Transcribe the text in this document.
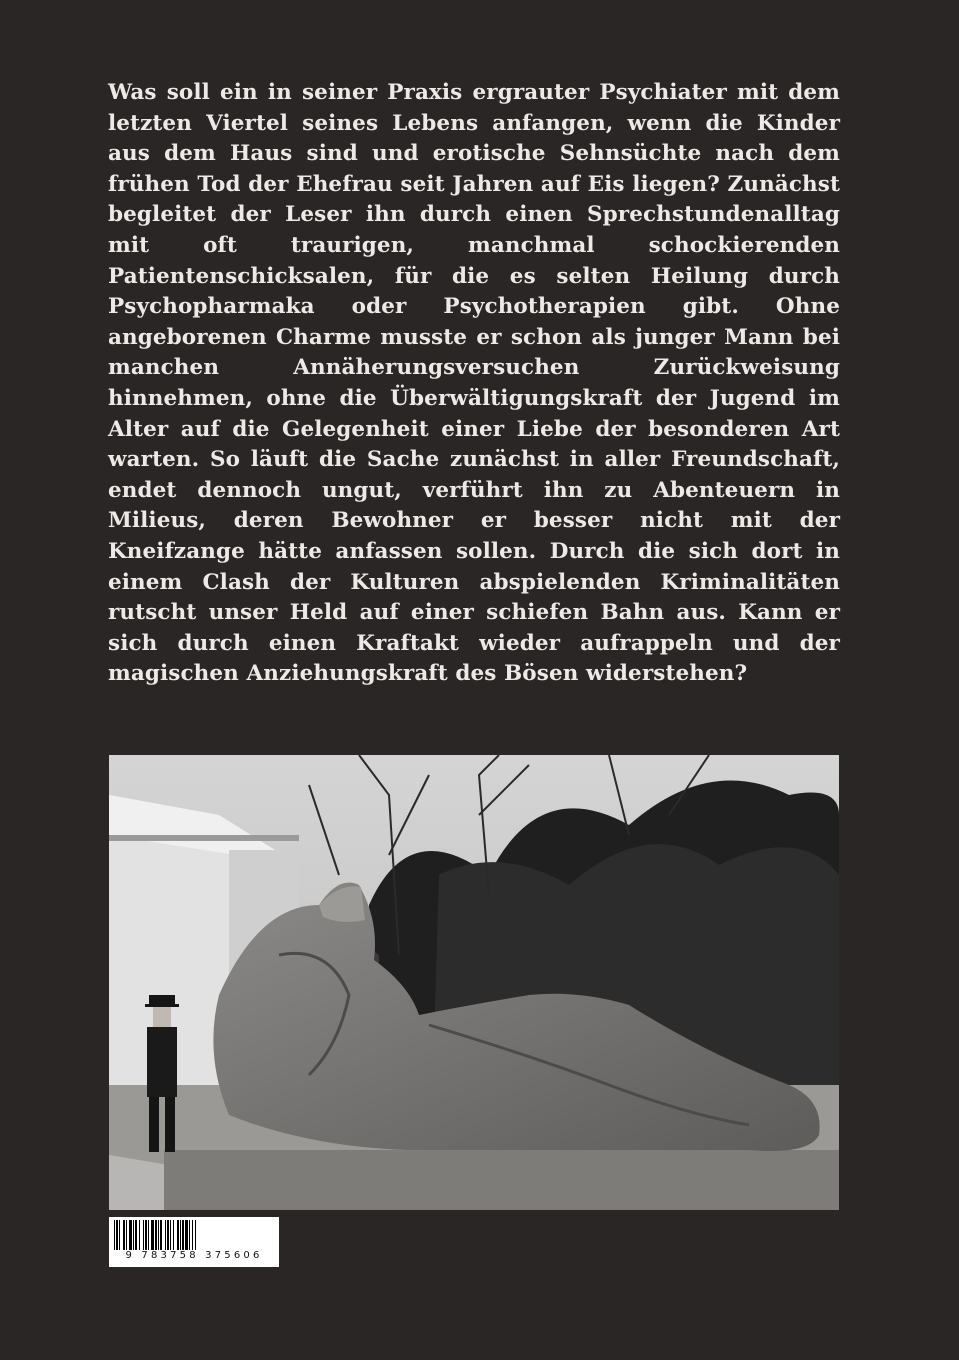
Was soll ein in seiner Praxis ergrauter Psychiater mit dem letzten Viertel seines Lebens anfangen, wenn die Kinder aus dem Haus sind und erotische Sehnsüchte nach dem frühen Tod der Ehefrau seit Jahren auf Eis liegen? Zunächst begleitet der Leser ihn durch einen Sprechstundenalltag mit oft traurigen, manchmal schockierenden Patientenschicksalen, für die es selten Heilung durch Psychopharmaka oder Psychotherapien gibt. Ohne angeborenen Charme musste er schon als junger Mann bei manchen Annäherungsversuchen Zurückweisung hinnehmen, ohne die Überwältigungskraft der Jugend im Alter auf die Gelegenheit einer Liebe der besonderen Art warten. So läuft die Sache zunächst in aller Freundschaft, endet dennoch ungut, verführt ihn zu Abenteuern in Milieus, deren Bewohner er besser nicht mit der Kneifzange hätte anfassen sollen. Durch die sich dort in einem Clash der Kulturen abspielenden Kriminalitäten rutscht unser Held auf einer schiefen Bahn aus. Kann er sich durch einen Kraftakt wieder aufrappeln und der magischen Anziehungskraft des Bösen widerstehen?

9 783758 375606
